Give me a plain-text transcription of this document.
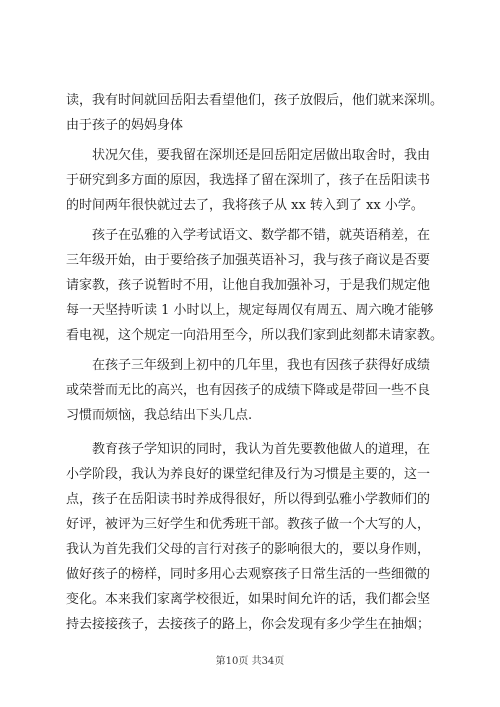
读，我有时间就回岳阳去看望他们，孩子放假后，他们就来深圳。
由于孩子的妈妈身体
状况欠佳，要我留在深圳还是回岳阳定居做出取舍时，我由
于研究到多方面的原因，我选择了留在深圳了，孩子在岳阳读书
的时间两年很快就过去了，我将孩子从 xx 转入到了 xx 小学。
孩子在弘雅的入学考试语文、数学都不错，就英语稍差，在
三年级开始，由于要给孩子加强英语补习，我与孩子商议是否要
请家教，孩子说暂时不用，让他自我加强补习，于是我们规定他
每一天坚持听读 1 小时以上，规定每周仅有周五、周六晚才能够
看电视，这个规定一向沿用至今，所以我们家到此刻都未请家教。
在孩子三年级到上初中的几年里，我也有因孩子获得好成绩
或荣誉而无比的高兴，也有因孩子的成绩下降或是带回一些不良
习惯而烦恼，我总结出下头几点.
教育孩子学知识的同时，我认为首先要教他做人的道理，在
小学阶段，我认为养良好的课堂纪律及行为习惯是主要的，这一
点，孩子在岳阳读书时养成得很好，所以得到弘雅小学教师们的
好评，被评为三好学生和优秀班干部。教孩子做一个大写的人，
我认为首先我们父母的言行对孩子的影响很大的，要以身作则，
做好孩子的榜样，同时多用心去观察孩子日常生活的一些细微的
变化。本来我们家离学校很近，如果时间允许的话，我们都会坚
持去接接孩子，去接孩子的路上，你会发现有多少学生在抽烟；
第10页 共34页
